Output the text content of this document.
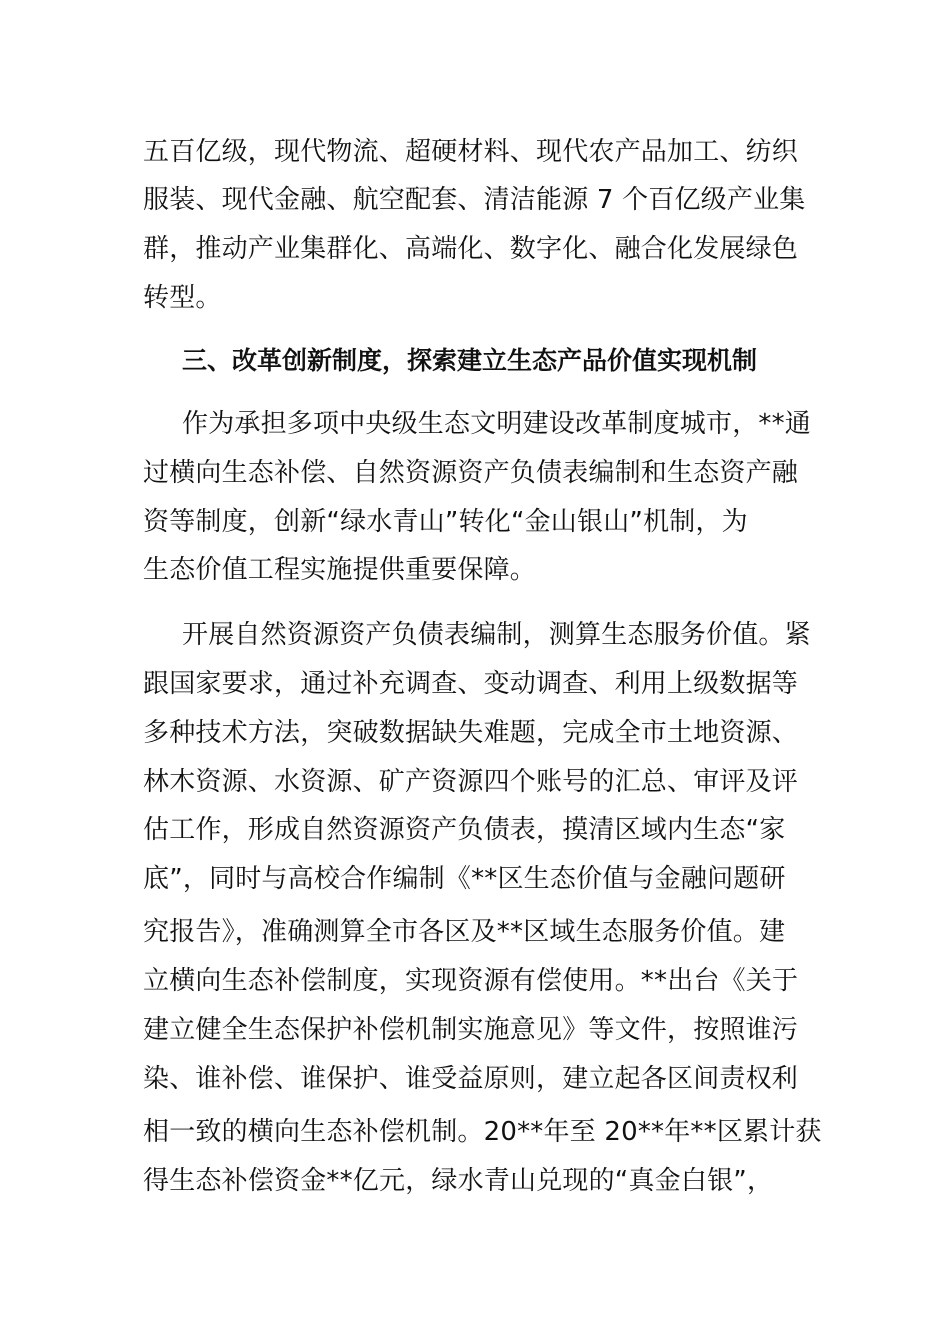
五百亿级，现代物流、超硬材料、现代农产品加工、纺织
服装、现代金融、航空配套、清洁能源 7 个百亿级产业集
群，推动产业集群化、高端化、数字化、融合化发展绿色
转型。
三、改革创新制度，探索建立生态产品价值实现机制
作为承担多项中央级生态文明建设改革制度城市，**通
过横向生态补偿、自然资源资产负债表编制和生态资产融
资等制度，创新“绿水青山”转化“金山银山”机制，为
生态价值工程实施提供重要保障。
开展自然资源资产负债表编制，测算生态服务价值。紧
跟国家要求，通过补充调查、变动调查、利用上级数据等
多种技术方法，突破数据缺失难题，完成全市土地资源、
林木资源、水资源、矿产资源四个账号的汇总、审评及评
估工作，形成自然资源资产负债表，摸清区域内生态“家
底”，同时与高校合作编制《**区生态价值与金融问题研
究报告》，准确测算全市各区及**区域生态服务价值。建
立横向生态补偿制度，实现资源有偿使用。**出台《关于
建立健全生态保护补偿机制实施意见》等文件，按照谁污
染、谁补偿、谁保护、谁受益原则，建立起各区间责权利
相一致的横向生态补偿机制。20**年至 20**年**区累计获
得生态补偿资金**亿元，绿水青山兑现的“真金白银”，
